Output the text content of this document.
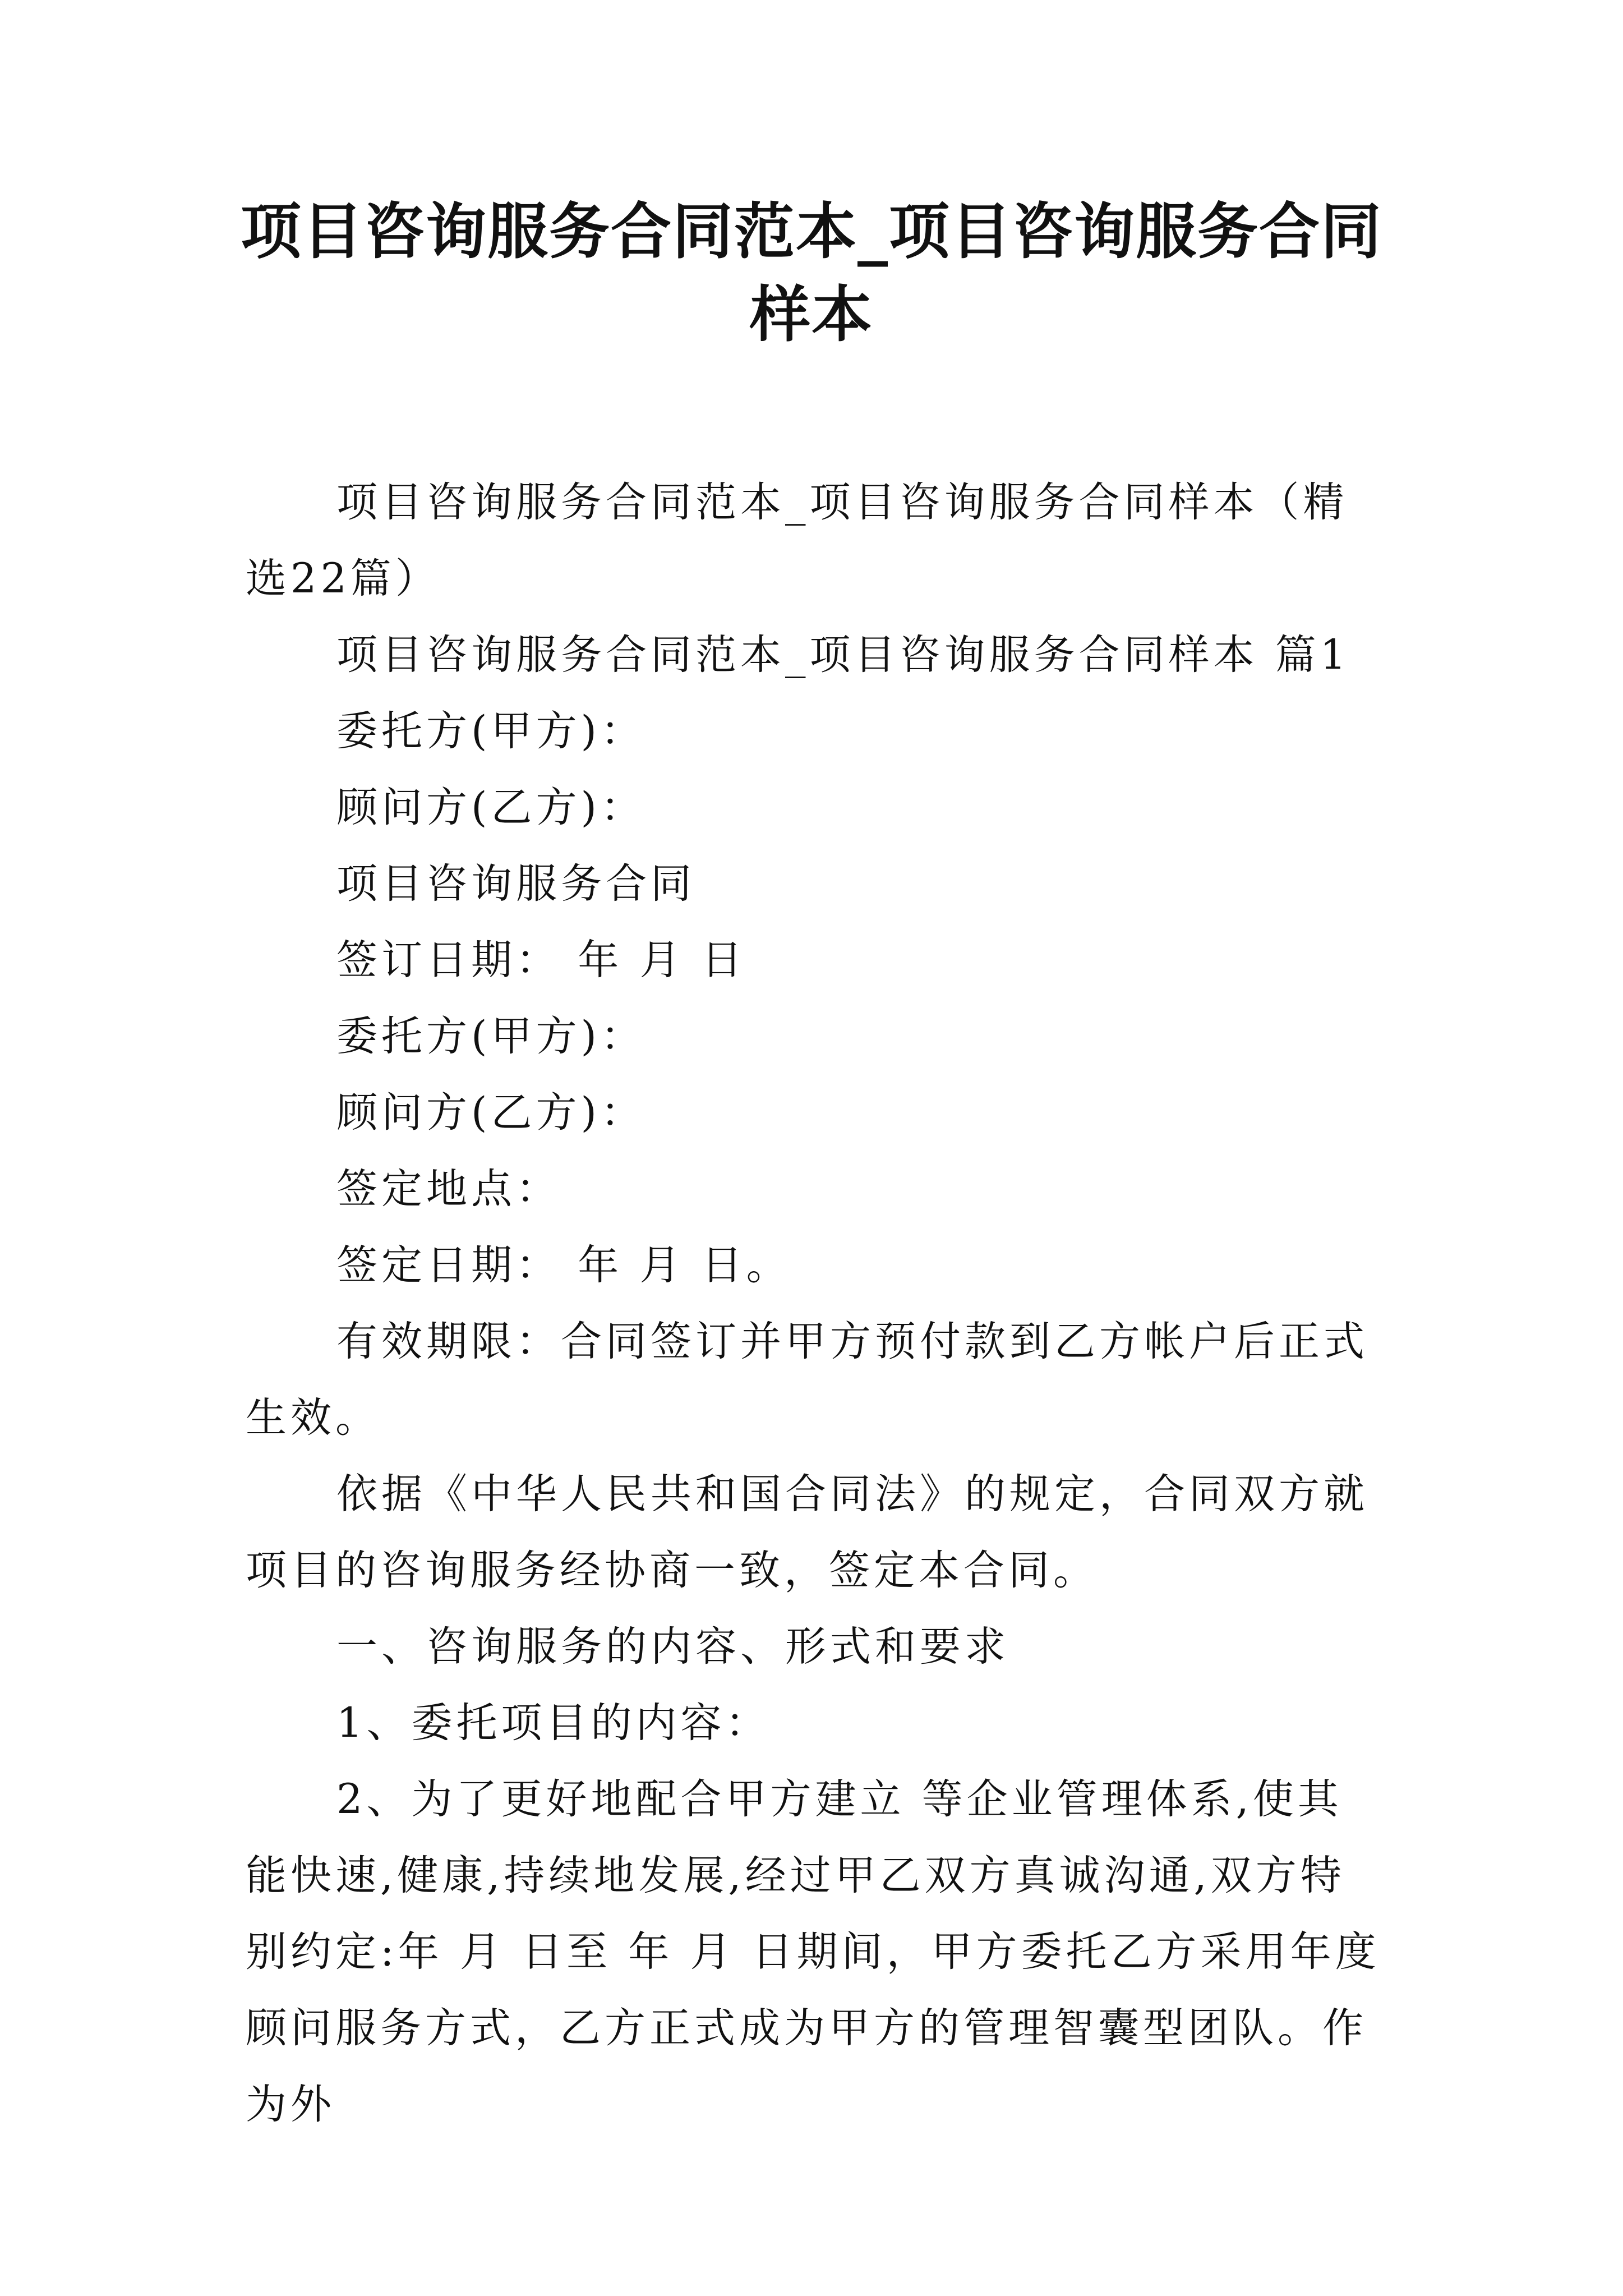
项目咨询服务合同范本_项目咨询服务合同样本

项目咨询服务合同范本_项目咨询服务合同样本（精选22篇）

项目咨询服务合同范本_项目咨询服务合同样本 篇1

委托方(甲方)：

顾问方(乙方)：

项目咨询服务合同

签订日期： 年 月 日

委托方(甲方)：

顾问方(乙方)：

签定地点：

签定日期： 年 月 日。

有效期限：合同签订并甲方预付款到乙方帐户后正式生效。

依据《中华人民共和国合同法》的规定，合同双方就项目的咨询服务经协商一致，签定本合同。

一、咨询服务的内容、形式和要求

1、委托项目的内容：

2、为了更好地配合甲方建立 等企业管理体系,使其能快速,健康,持续地发展,经过甲乙双方真诚沟通,双方特别约定:年 月 日至 年 月 日期间，甲方委托乙方采用年度顾问服务方式，乙方正式成为甲方的管理智囊型团队。作为外
